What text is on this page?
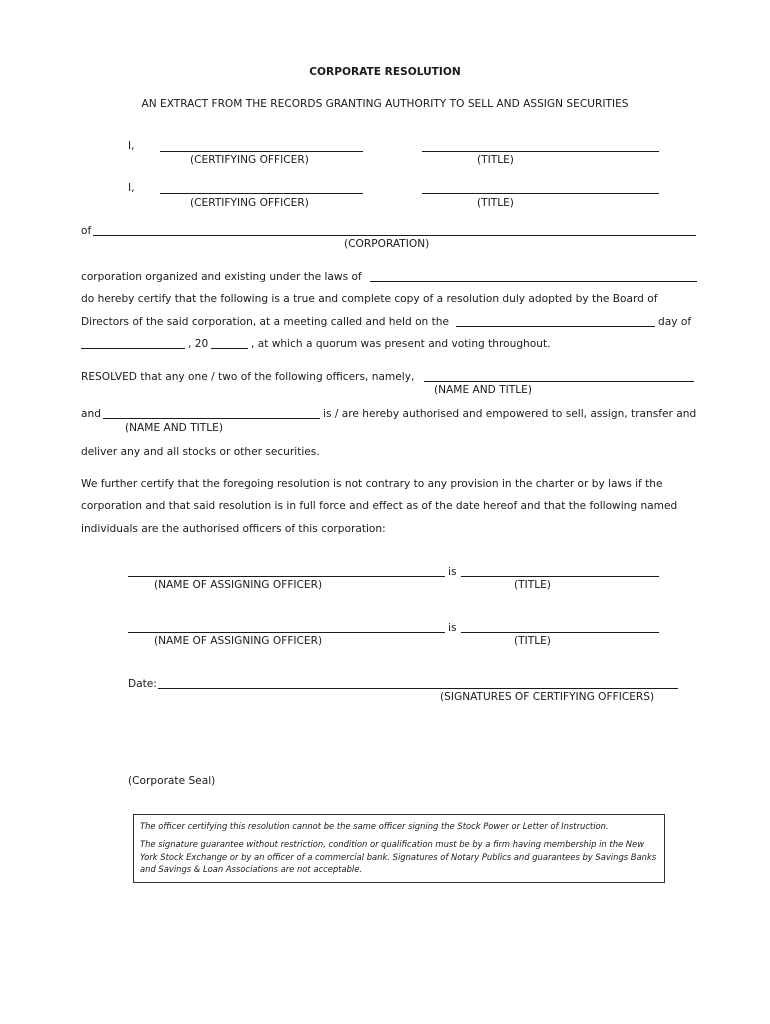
CORPORATE RESOLUTION
AN EXTRACT FROM THE RECORDS GRANTING AUTHORITY TO SELL AND ASSIGN SECURITIES
I,
(CERTIFYING OFFICER)	(TITLE)
I,
(CERTIFYING OFFICER)	(TITLE)
of
(CORPORATION)
corporation organized and existing under the laws of
do hereby certify that the following is a true and complete copy of a resolution duly adopted by the Board of
Directors of the said corporation, at a meeting called and held on the	day of
, 20	, at which a quorum was present and voting throughout.
RESOLVED that any one / two of the following officers, namely,
(NAME AND TITLE)
and	is / are hereby authorised and empowered to sell, assign, transfer and
(NAME AND TITLE)
deliver any and all stocks or other securities.
We further certify that the foregoing resolution is not contrary to any provision in the charter or by laws if the
corporation and that said resolution is in full force and effect as of the date hereof and that the following named
individuals are the authorised officers of this corporation:
is
(NAME OF ASSIGNING OFFICER)	(TITLE)
is
(NAME OF ASSIGNING OFFICER)	(TITLE)
Date:
(SIGNATURES OF CERTIFYING OFFICERS)
(Corporate Seal)

The officer certifying this resolution cannot be the same officer signing the Stock Power or Letter of Instruction.

The signature guarantee without restriction, condition or qualification must be by a firm having membership in the New York Stock Exchange or by an officer of a commercial bank. Signatures of Notary Publics and guarantees by Savings Banks and Savings & Loan Associations are not acceptable.
